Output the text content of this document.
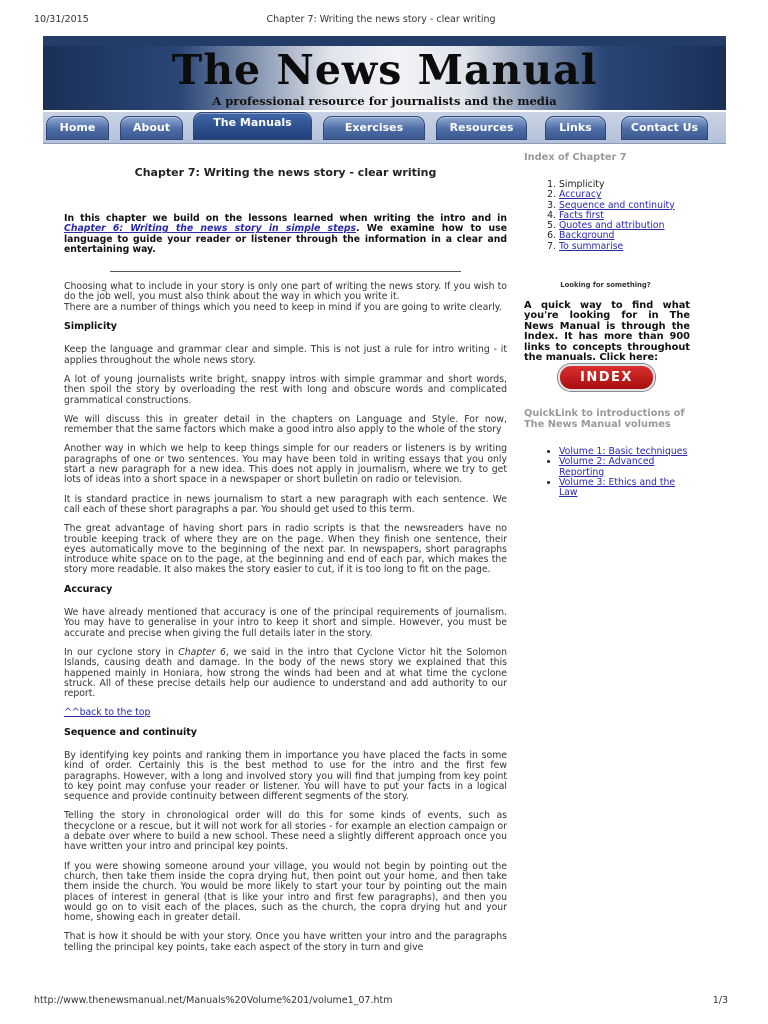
10/31/2015	Chapter 7: Writing the news story - clear writing
The News Manual
A professional resource for journalists and the media
Home	About	The Manuals	Exercises	Resources	Links	Contact Us
Chapter 7: Writing the news story - clear writing

In this chapter we build on the lessons learned when writing the intro and in Chapter 6: Writing the news story in simple steps. We examine how to use language to guide your reader or listener through the information in a clear and entertaining way.

Choosing what to include in your story is only one part of writing the news story. If you wish to do the job well, you must also think about the way in which you write it.

There are a number of things which you need to keep in mind if you are going to write clearly.

Simplicity

Keep the language and grammar clear and simple. This is not just a rule for intro writing - it applies throughout the whole news story.

A lot of young journalists write bright, snappy intros with simple grammar and short words, then spoil the story by overloading the rest with long and obscure words and complicated grammatical constructions.

We will discuss this in greater detail in the chapters on Language and Style. For now, remember that the same factors which make a good intro also apply to the whole of the story

Another way in which we help to keep things simple for our readers or listeners is by writing paragraphs of one or two sentences. You may have been told in writing essays that you only start a new paragraph for a new idea. This does not apply in journalism, where we try to get lots of ideas into a short space in a newspaper or short bulletin on radio or television.

It is standard practice in news journalism to start a new paragraph with each sentence. We call each of these short paragraphs a par. You should get used to this term.

The great advantage of having short pars in radio scripts is that the newsreaders have no trouble keeping track of where they are on the page. When they finish one sentence, their eyes automatically move to the beginning of the next par. In newspapers, short paragraphs introduce white space on to the page, at the beginning and end of each par, which makes the story more readable. It also makes the story easier to cut, if it is too long to fit on the page.

Accuracy

We have already mentioned that accuracy is one of the principal requirements of journalism. You may have to generalise in your intro to keep it short and simple. However, you must be accurate and precise when giving the full details later in the story.

In our cyclone story in Chapter 6, we said in the intro that Cyclone Victor hit the Solomon Islands, causing death and damage. In the body of the news story we explained that this happened mainly in Honiara, how strong the winds had been and at what time the cyclone struck. All of these precise details help our audience to understand and add authority to our report.

^^back to the top

Sequence and continuity

By identifying key points and ranking them in importance you have placed the facts in some kind of order. Certainly this is the best method to use for the intro and the first few paragraphs. However, with a long and involved story you will find that jumping from key point to key point may confuse your reader or listener. You will have to put your facts in a logical sequence and provide continuity between different segments of the story.

Telling the story in chronological order will do this for some kinds of events, such as thecyclone or a rescue, but it will not work for all stories - for example an election campaign or a debate over where to build a new school. These need a slightly different approach once you have written your intro and principal key points.

If you were showing someone around your village, you would not begin by pointing out the church, then take them inside the copra drying hut, then point out your home, and then take them inside the church. You would be more likely to start your tour by pointing out the main places of interest in general (that is like your intro and first few paragraphs), and then you would go on to visit each of the places, such as the church, the copra drying hut and your home, showing each in greater detail.

That is how it should be with your story. Once you have written your intro and the paragraphs telling the principal key points, take each aspect of the story in turn and give

Index of Chapter 7
1. Simplicity
2. Accuracy
3. Sequence and continuity
4. Facts first
5. Quotes and attribution
6. Background
7. To summarise
Looking for something?
A quick way to find what you're looking for in The News Manual is through the Index. It has more than 900 links to concepts throughout the manuals. Click here:
INDEX
QuickLink to introductions of The News Manual volumes
• Volume 1: Basic techniques
• Volume 2: Advanced Reporting
• Volume 3: Ethics and the Law
http://www.thenewsmanual.net/Manuals%20Volume%201/volume1_07.htm	1/3
